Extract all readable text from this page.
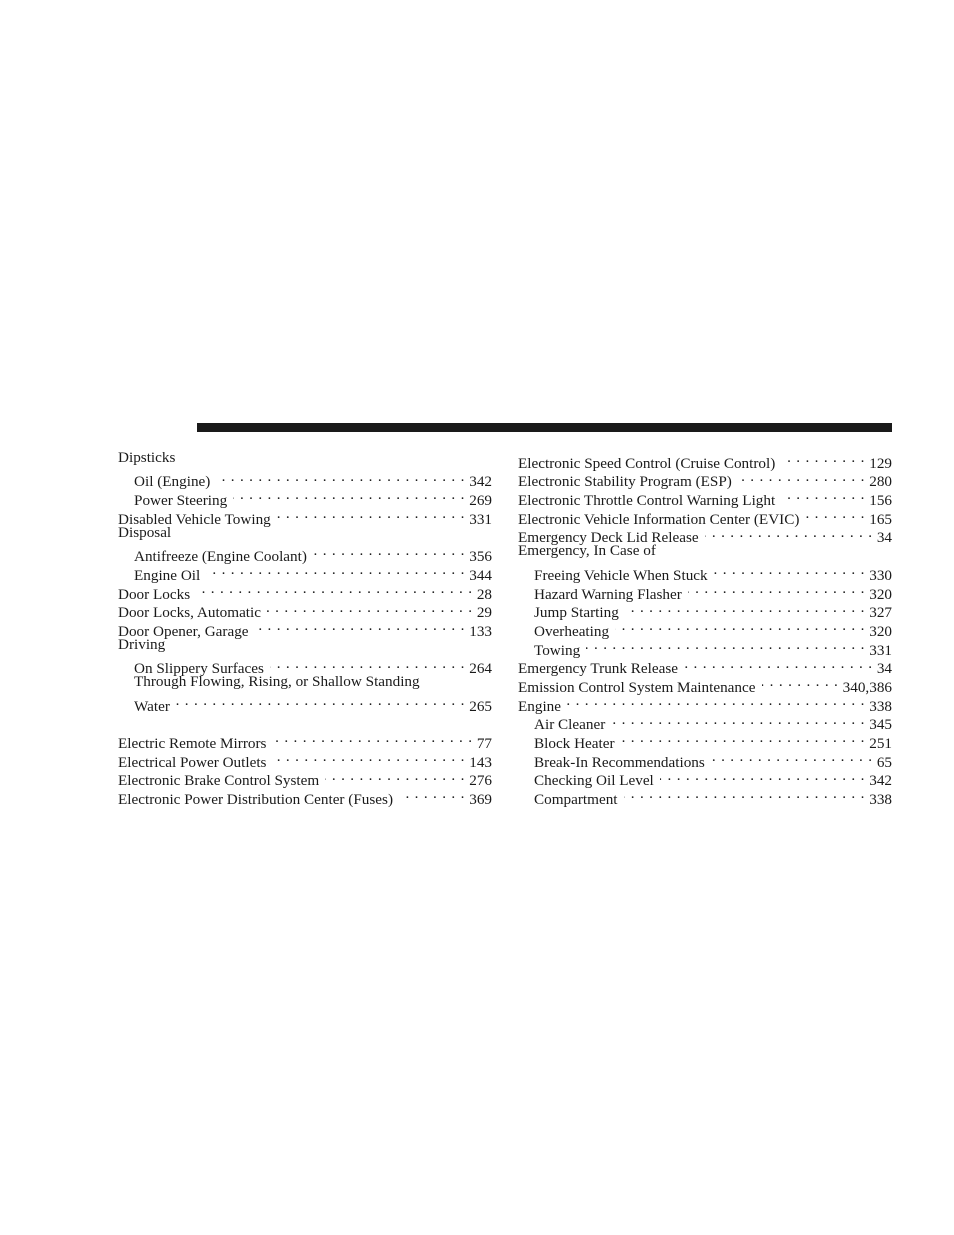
Dipsticks
Oil (Engine) . . .	342
Power Steering . . .	269
Disabled Vehicle Towing . . .	331
Disposal
Antifreeze (Engine Coolant) . . .	356
Engine Oil . . .	344
Door Locks . . .	28
Door Locks, Automatic . . .	29
Door Opener, Garage . . .	133
Driving
On Slippery Surfaces . . .	264
Through Flowing, Rising, or Shallow Standing
Water . . .	265
Electric Remote Mirrors . . .	77
Electrical Power Outlets . . .	143
Electronic Brake Control System . . .	276
Electronic Power Distribution Center (Fuses) . . .	369
Electronic Speed Control (Cruise Control) . . .	129
Electronic Stability Program (ESP) . . .	280
Electronic Throttle Control Warning Light . . .	156
Electronic Vehicle Information Center (EVIC) . . .	165
Emergency Deck Lid Release . . .	34
Emergency, In Case of
Freeing Vehicle When Stuck . . .	330
Hazard Warning Flasher . . .	320
Jump Starting . . .	327
Overheating . . .	320
Towing . . .	331
Emergency Trunk Release . . .	34
Emission Control System Maintenance . . .	340,386
Engine . . .	338
Air Cleaner . . .	345
Block Heater . . .	251
Break-In Recommendations . . .	65
Checking Oil Level . . .	342
Compartment . . .	338
